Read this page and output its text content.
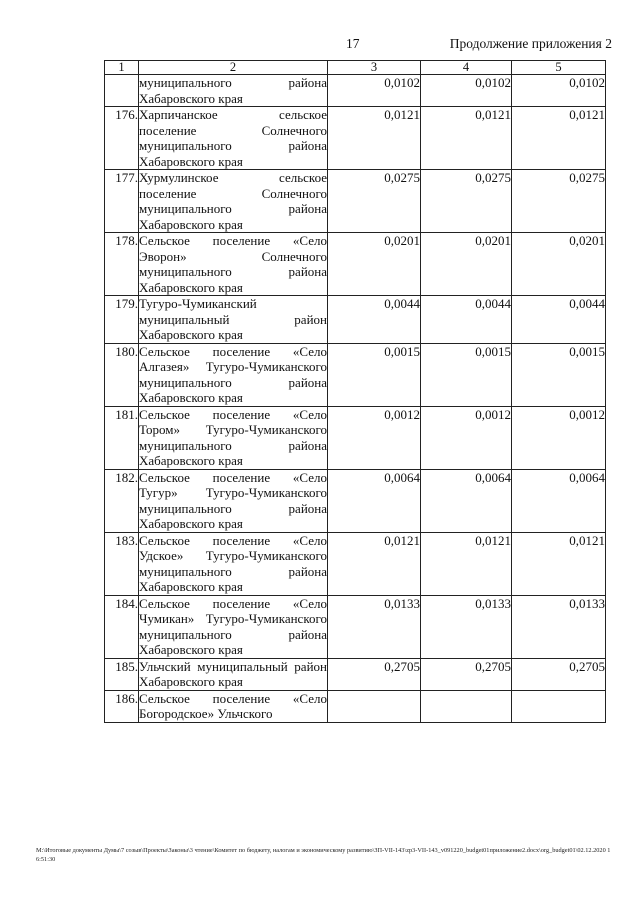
17	Продолжение приложения 2
1	2	3	4	5
	муниципального района Хабаровского края	0,0102	0,0102	0,0102
176.	Харпичанское сельское поселение Солнечного муниципального района Хабаровского края	0,0121	0,0121	0,0121
177.	Хурмулинское сельское поселение Солнечного муниципального района Хабаровского края	0,0275	0,0275	0,0275
178.	Сельское поселение «Село Эворон» Солнечного муниципального района Хабаровского края	0,0201	0,0201	0,0201
179.	Тугуро-Чумиканский муниципальный район Хабаровского края	0,0044	0,0044	0,0044
180.	Сельское поселение «Село Алгазея» Тугуро-Чумиканского муниципального района Хабаровского края	0,0015	0,0015	0,0015
181.	Сельское поселение «Село Тором» Тугуро-Чумиканского муниципального района Хабаровского края	0,0012	0,0012	0,0012
182.	Сельское поселение «Село Тугур» Тугуро-Чумиканского муниципального района Хабаровского края	0,0064	0,0064	0,0064
183.	Сельское поселение «Село Удское» Тугуро-Чумиканского муниципального района Хабаровского края	0,0121	0,0121	0,0121
184.	Сельское поселение «Село Чумикан» Тугуро-Чумиканского муниципального района Хабаровского края	0,0133	0,0133	0,0133
185.	Ульчский муниципальный район Хабаровского края	0,2705	0,2705	0,2705
186.	Сельское поселение «Село Богородское» Ульчского			
M:\Итоговые документы Думы\7 созыв\Проекты\Законы\3 чтение\Комитет по бюджету, налогам и экономическому развитию\ЗП-VII-143\zp3-VII-143_v091220_budget01приложение2.docx\org_budget01\02.12.2020 16:51:30
